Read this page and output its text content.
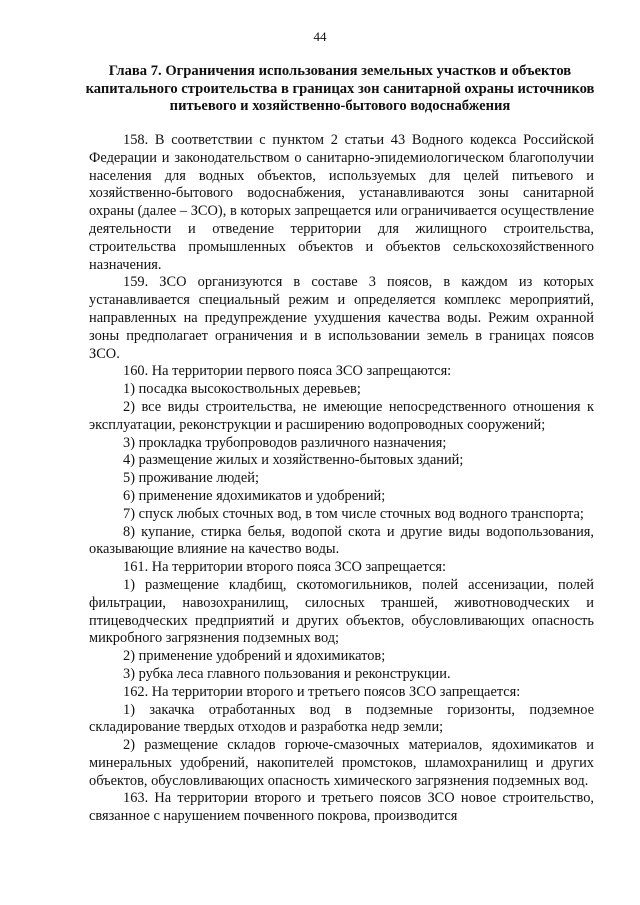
44
Глава 7. Ограничения использования земельных участков и объектов капитального строительства в границах зон санитарной охраны источников питьевого и хозяйственно-бытового водоснабжения

158. В соответствии с пунктом 2 статьи 43 Водного кодекса Российской Федерации и законодательством о санитарно-эпидемиологическом благополучии населения для водных объектов, используемых для целей питьевого и хозяйственно-бытового водоснабжения, устанавливаются зоны санитарной охраны (далее – ЗСО), в которых запрещается или ограничивается осуществление деятельности и отведение территории для жилищного строительства, строительства промышленных объектов и объектов сельскохозяйственного назначения.

159. ЗСО организуются в составе 3 поясов, в каждом из которых устанавливается специальный режим и определяется комплекс мероприятий, направленных на предупреждение ухудшения качества воды. Режим охранной зоны предполагает ограничения и в использовании земель в границах поясов ЗСО.

160. На территории первого пояса ЗСО запрещаются:

1) посадка высокоствольных деревьев;

2) все виды строительства, не имеющие непосредственного отношения к эксплуатации, реконструкции и расширению водопроводных сооружений;

3) прокладка трубопроводов различного назначения;

4) размещение жилых и хозяйственно-бытовых зданий;

5) проживание людей;

6) применение ядохимикатов и удобрений;

7) спуск любых сточных вод, в том числе сточных вод водного транспорта;

8) купание, стирка белья, водопой скота и другие виды водопользования, оказывающие влияние на качество воды.

161. На территории второго пояса ЗСО запрещается:

1) размещение кладбищ, скотомогильников, полей ассенизации, полей фильтрации, навозохранилищ, силосных траншей, животноводческих и птицеводческих предприятий и других объектов, обусловливающих опасность микробного загрязнения подземных вод;

2) применение удобрений и ядохимикатов;

3) рубка леса главного пользования и реконструкции.

162. На территории второго и третьего поясов ЗСО запрещается:

1) закачка отработанных вод в подземные горизонты, подземное складирование твердых отходов и разработка недр земли;

2) размещение складов горюче-смазочных материалов, ядохимикатов и минеральных удобрений, накопителей промстоков, шламохранилищ и других объектов, обусловливающих опасность химического загрязнения подземных вод.

163. На территории второго и третьего поясов ЗСО новое строительство, связанное с нарушением почвенного покрова, производится
